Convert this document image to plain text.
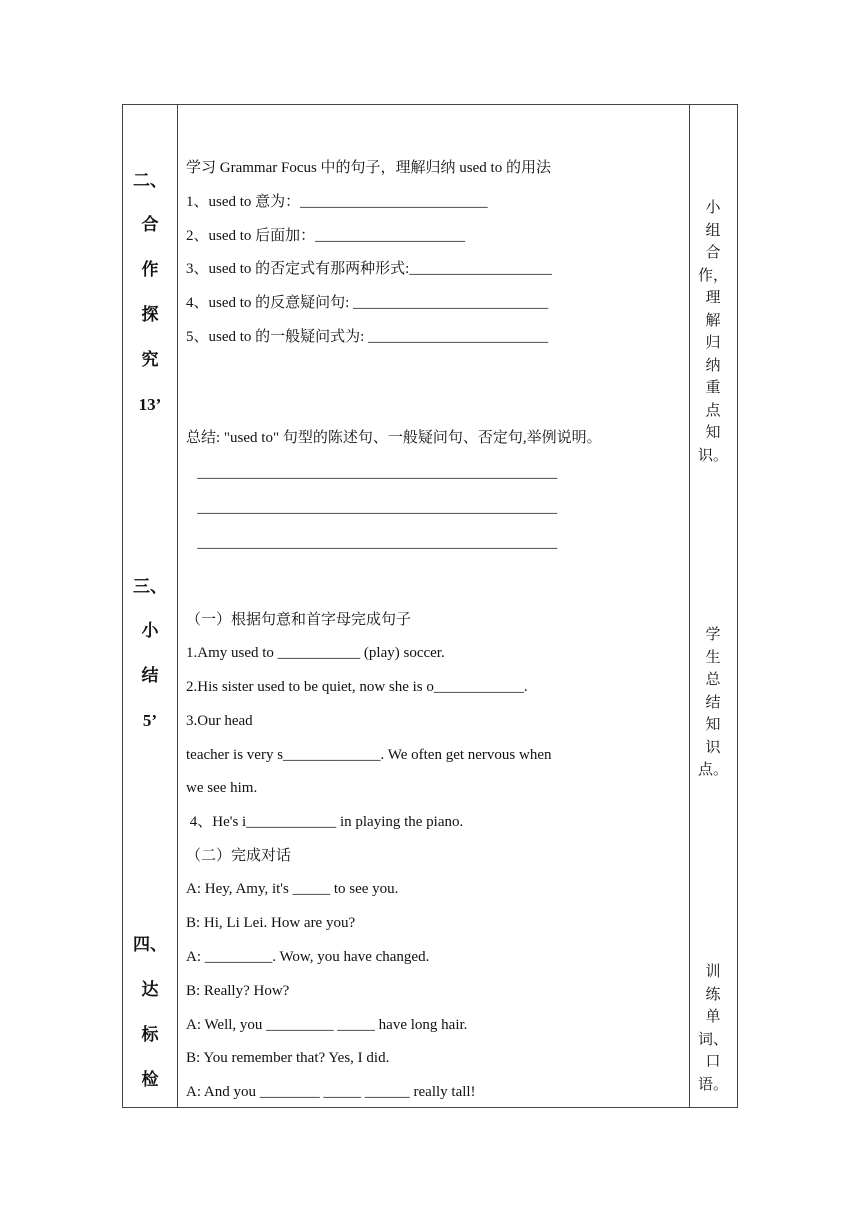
二、
合
作
探
究
13’
三、
小
结
5’
四、
达
标
检

学习 Grammar Focus 中的句子，理解归纳 used to 的用法

1、used to 意为：_________________________

2、used to 后面加：____________________

3、used to 的否定式有那两种形式:___________________

4、used to 的反意疑问句: __________________________

5、used to 的一般疑问式为: ________________________

总结: "used to" 句型的陈述句、一般疑问句、否定句,举例说明。

________________________________________________

________________________________________________

________________________________________________

（一）根据句意和首字母完成句子

1.Amy used to ___________ (play) soccer.

2.His sister used to be quiet, now she is o____________.

3.Our head

teacher is very s_____________. We often get nervous when

we see him.

4、He's i____________ in playing the piano.

（二）完成对话

A: Hey, Amy, it's _____ to see you.

B: Hi, Li Lei. How are you?

A: _________. Wow, you have changed.

B: Really? How?

A: Well, you _________ _____ have long hair.

B: You remember that? Yes, I did.

A: And you ________ _____ ______ really tall!

小
组
合
作，
理
解
归
纳
重
点
知
识。
学
生
总
结
知
识
点。
训
练
单
词、
口
语。
